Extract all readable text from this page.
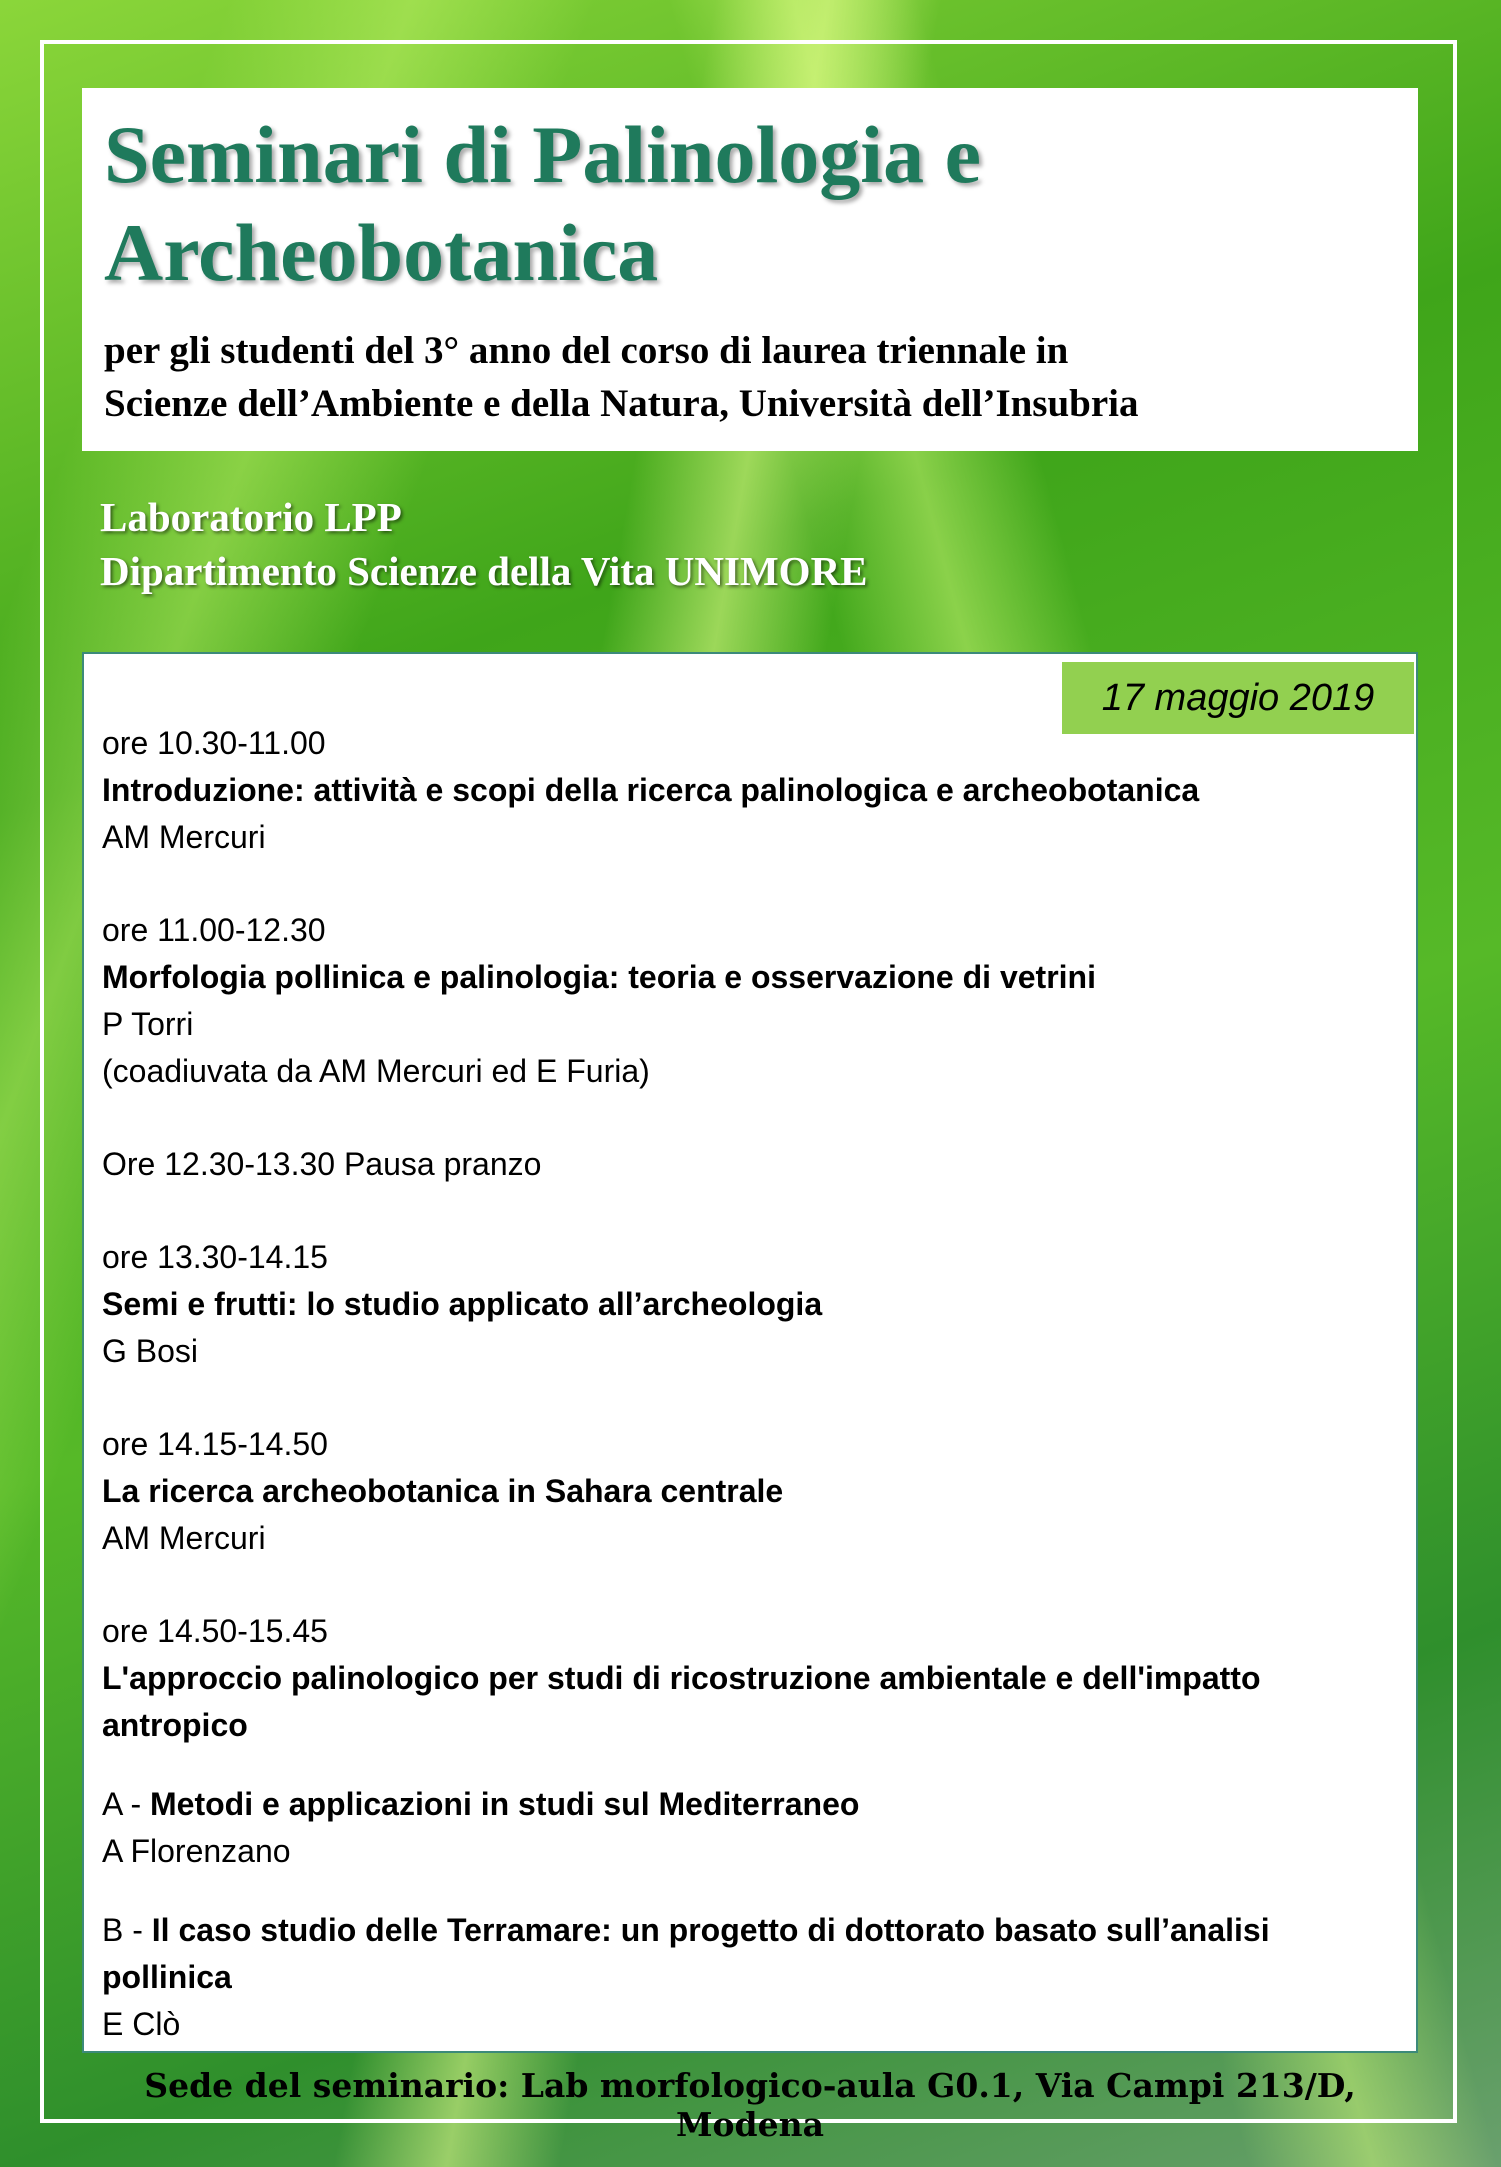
Seminari di Palinologia e
Archeobotanica
per gli studenti del 3° anno del corso di laurea triennale in
Scienze dell’Ambiente e della Natura, Università dell’Insubria
Laboratorio LPP
Dipartimento Scienze della Vita UNIMORE
17 maggio 2019
ore 10.30-11.00
Introduzione: attività e scopi della ricerca palinologica e archeobotanica
AM Mercuri
ore 11.00-12.30
Morfologia pollinica e palinologia: teoria e osservazione di vetrini
P Torri
(coadiuvata da AM Mercuri ed E Furia)
Ore 12.30-13.30 Pausa pranzo
ore 13.30-14.15
Semi e frutti: lo studio applicato all’archeologia
G Bosi
ore 14.15-14.50
La ricerca archeobotanica in Sahara centrale
AM Mercuri
ore 14.50-15.45
L'approccio palinologico per studi di ricostruzione ambientale e dell'impatto antropico
A - Metodi e applicazioni in studi sul Mediterraneo
A Florenzano
B - Il caso studio delle Terramare: un progetto di dottorato basato sull’analisi pollinica
E Clò
Sede del seminario: Lab morfologico-aula G0.1, Via Campi 213/D, Modena
